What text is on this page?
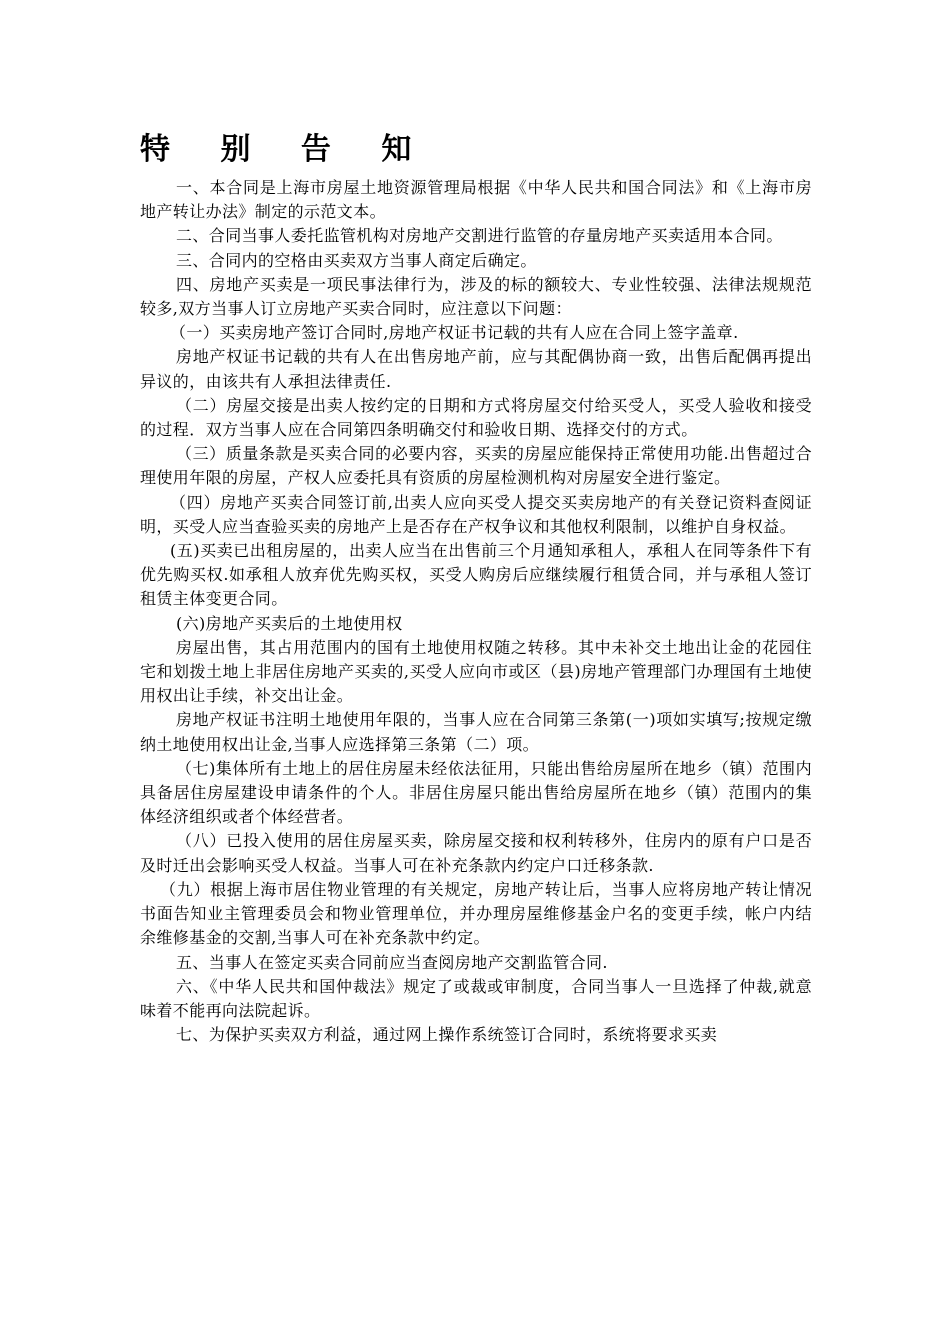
特 别 告 知

一、本合同是上海市房屋土地资源管理局根据《中华人民共和国合同法》和《上海市房地产转让办法》制定的示范文本。

二、合同当事人委托监管机构对房地产交割进行监管的存量房地产买卖适用本合同。

三、合同内的空格由买卖双方当事人商定后确定。

四、房地产买卖是一项民事法律行为，涉及的标的额较大、专业性较强、法律法规规范较多,双方当事人订立房地产买卖合同时，应注意以下问题：

（一）买卖房地产签订合同时,房地产权证书记载的共有人应在合同上签字盖章.

房地产权证书记载的共有人在出售房地产前，应与其配偶协商一致，出售后配偶再提出异议的，由该共有人承担法律责任.

（二）房屋交接是出卖人按约定的日期和方式将房屋交付给买受人，买受人验收和接受的过程．双方当事人应在合同第四条明确交付和验收日期、选择交付的方式。

（三）质量条款是买卖合同的必要内容，买卖的房屋应能保持正常使用功能.出售超过合理使用年限的房屋，产权人应委托具有资质的房屋检测机构对房屋安全进行鉴定。

（四）房地产买卖合同签订前,出卖人应向买受人提交买卖房地产的有关登记资料查阅证明，买受人应当查验买卖的房地产上是否存在产权争议和其他权利限制，以维护自身权益。

(五)买卖已出租房屋的，出卖人应当在出售前三个月通知承租人，承租人在同等条件下有优先购买权.如承租人放弃优先购买权，买受人购房后应继续履行租赁合同，并与承租人签订租赁主体变更合同。

(六)房地产买卖后的土地使用权

房屋出售，其占用范围内的国有土地使用权随之转移。其中未补交土地出让金的花园住宅和划拨土地上非居住房地产买卖的,买受人应向市或区（县)房地产管理部门办理国有土地使用权出让手续，补交出让金。

房地产权证书注明土地使用年限的，当事人应在合同第三条第(一)项如实填写;按规定缴纳土地使用权出让金,当事人应选择第三条第（二）项。

（七)集体所有土地上的居住房屋未经依法征用，只能出售给房屋所在地乡（镇）范围内具备居住房屋建设申请条件的个人。非居住房屋只能出售给房屋所在地乡（镇）范围内的集体经济组织或者个体经营者。

（八）已投入使用的居住房屋买卖，除房屋交接和权利转移外，住房内的原有户口是否及时迁出会影响买受人权益。当事人可在补充条款内约定户口迁移条款.

（九）根据上海市居住物业管理的有关规定，房地产转让后，当事人应将房地产转让情况书面告知业主管理委员会和物业管理单位，并办理房屋维修基金户名的变更手续，帐户内结余维修基金的交割,当事人可在补充条款中约定。

五、当事人在签定买卖合同前应当查阅房地产交割监管合同.

六、《中华人民共和国仲裁法》规定了或裁或审制度，合同当事人一旦选择了仲裁,就意味着不能再向法院起诉。

七、为保护买卖双方利益，通过网上操作系统签订合同时，系统将要求买卖
